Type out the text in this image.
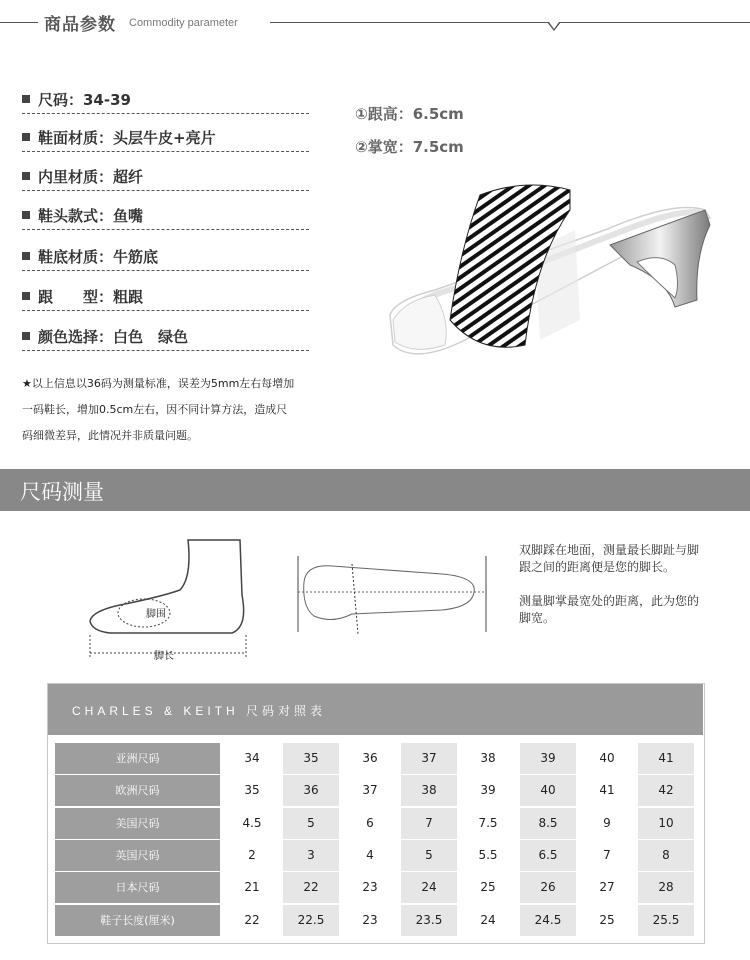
商品参数 Commodity parameter
尺码：34-39
鞋面材质：头层牛皮+亮片
内里材质：超纤
鞋头款式：鱼嘴
鞋底材质：牛筋底
跟　　型：粗跟
颜色选择：白色　绿色
①跟高：6.5cm
②掌宽：7.5cm
★以上信息以36码为测量标准，误差为5mm左右每增加
一码鞋长，增加0.5cm左右，因不同计算方法，造成尺
码细微差异，此情况并非质量问题。
尺码测量
脚围
脚长
双脚踩在地面，测量最长脚趾与脚
跟之间的距离便是您的脚长。
测量脚掌最宽处的距离，此为您的
脚宽。
CHARLES & KEITH 尺码对照表
亚洲尺码	34	35	36	37	38	39	40	41
欧洲尺码	35	36	37	38	39	40	41	42
美国尺码	4.5	5	6	7	7.5	8.5	9	10
英国尺码	2	3	4	5	5.5	6.5	7	8
日本尺码	21	22	23	24	25	26	27	28
鞋子长度(厘米)	22	22.5	23	23.5	24	24.5	25	25.5
